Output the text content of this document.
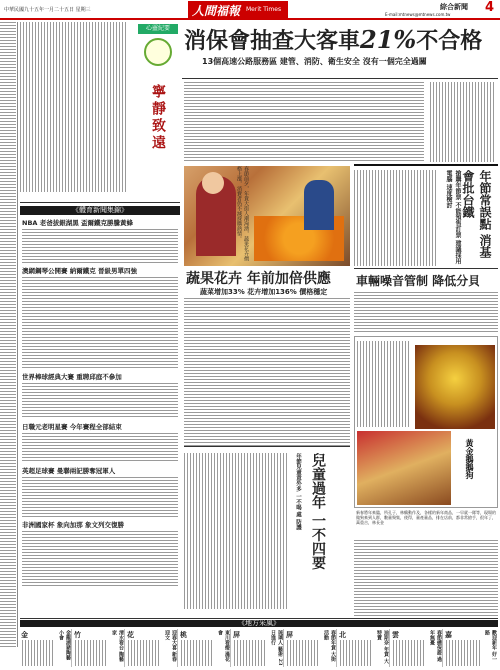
中華民國九十五年一月二十五日 星期三	人間福報 Merit Times	綜合新聞 4
E-mail:mtnews@mtnews.com.tw
心靈紀要
寧靜致遠
消保會抽查大客車21%不合格
13個高速公路服務區 建管、消防、衛生安全 沒有一個完全過關
《體育新聞集錦》
NBA 老爸拔銀湖黑 盃爾鐵克勝騰黃蜂
澳網鋼琴公開賽 納爾鐵克 晉級男單四強
世界棒球經典大賽 重聘邱庭不參加
日職元老明星賽 今年賽程全部結束
英超足球賽 曼聯兩記勝奪冠軍人
非洲國家杯 象向加那 象文列交復勝
春節前夕，年貨大街人潮洶湧，蔬果花卉價格上漲，消費者仍不減採購熱情。
蔬果花卉 年前加倍供應
蔬菜增加33% 花卉增加136% 價格穩定
搶購年節票 不能預售訂票 建議採用電腦 速度檢討	年節常誤點 消基會批台鐵
車輛噪音管制 降低分貝
年節兒童意外多 一不喝 處 防護 兒童過年 一不四要	黃金鵝鵝狗
新春將年來臨，所孔子，林鶴動作及，各樣的新年商品，一早就一隊等，現場的做狗來到人群，數量聚集，使得，量產量品，排在店前，都非常搶手，很年了，萬重吉，林長金
《地方采風》
金	金龍湖豬陶藝 小會	竹	清水看台 陶藝家	花	迎春大喜 新春迎文	桃	東川看燈 滿花會	屏	琉璃人 藝術 23日進行	屏	春節年貨 大街活動	北	迪斯奈 年貨 大特賣	雲	春節總保證 過年無憂	嘉	歡迎新年 好一路
